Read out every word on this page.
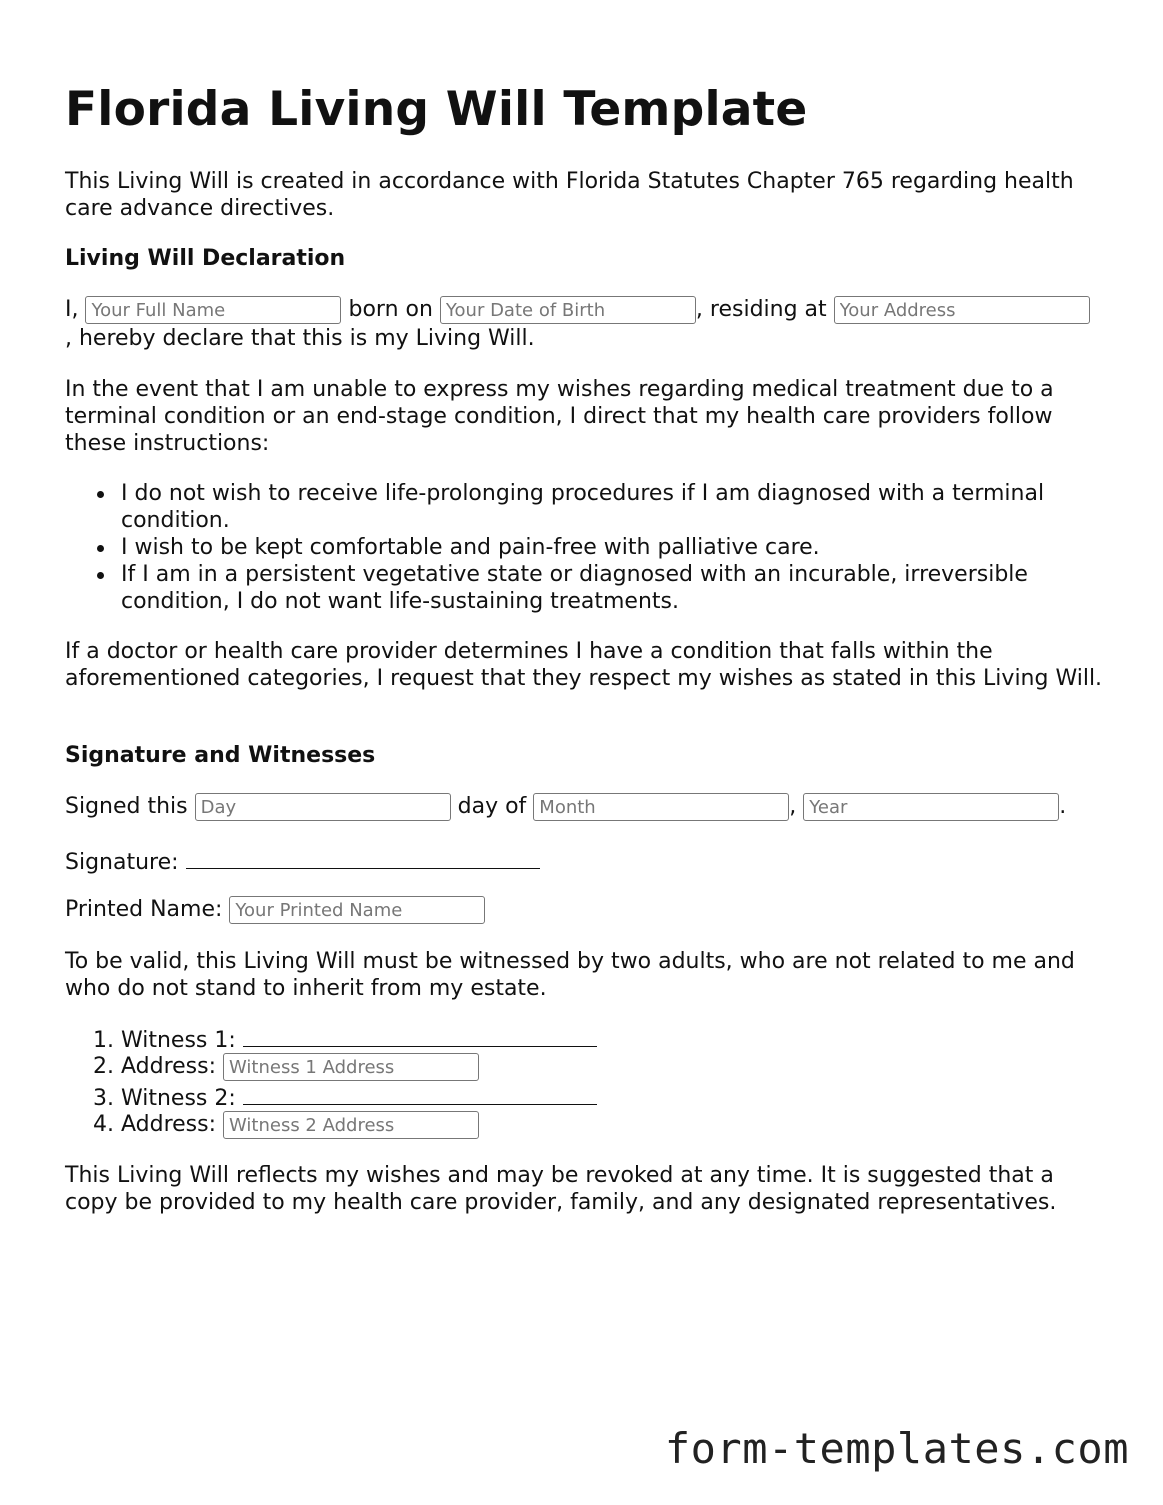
Florida Living Will Template

This Living Will is created in accordance with Florida Statutes Chapter 765 regarding health care advance directives.

Living Will Declaration
I, Your Full Name	born on Your Date of Birth	, residing at Your Address
, hereby declare that this is my Living Will.

In the event that I am unable to express my wishes regarding medical treatment due to a terminal condition or an end-stage condition, I direct that my health care providers follow these instructions:

I do not wish to receive life-prolonging procedures if I am diagnosed with a terminal condition.
I wish to be kept comfortable and pain-free with palliative care.
If I am in a persistent vegetative state or diagnosed with an incurable, irreversible condition, I do not want life-sustaining treatments.

If a doctor or health care provider determines I have a condition that falls within the aforementioned categories, I request that they respect my wishes as stated in this Living Will.

Signature and Witnesses
Signed this Day	day of Month	, Year	.
Signature:
Printed Name: Your Printed Name

To be valid, this Living Will must be witnessed by two adults, who are not related to me and who do not stand to inherit from my estate.

1. Witness 1:
2. Address: Witness 1 Address
3. Witness 2:
4. Address: Witness 2 Address

This Living Will reflects my wishes and may be revoked at any time. It is suggested that a copy be provided to my health care provider, family, and any designated representatives.

form-templates.com
